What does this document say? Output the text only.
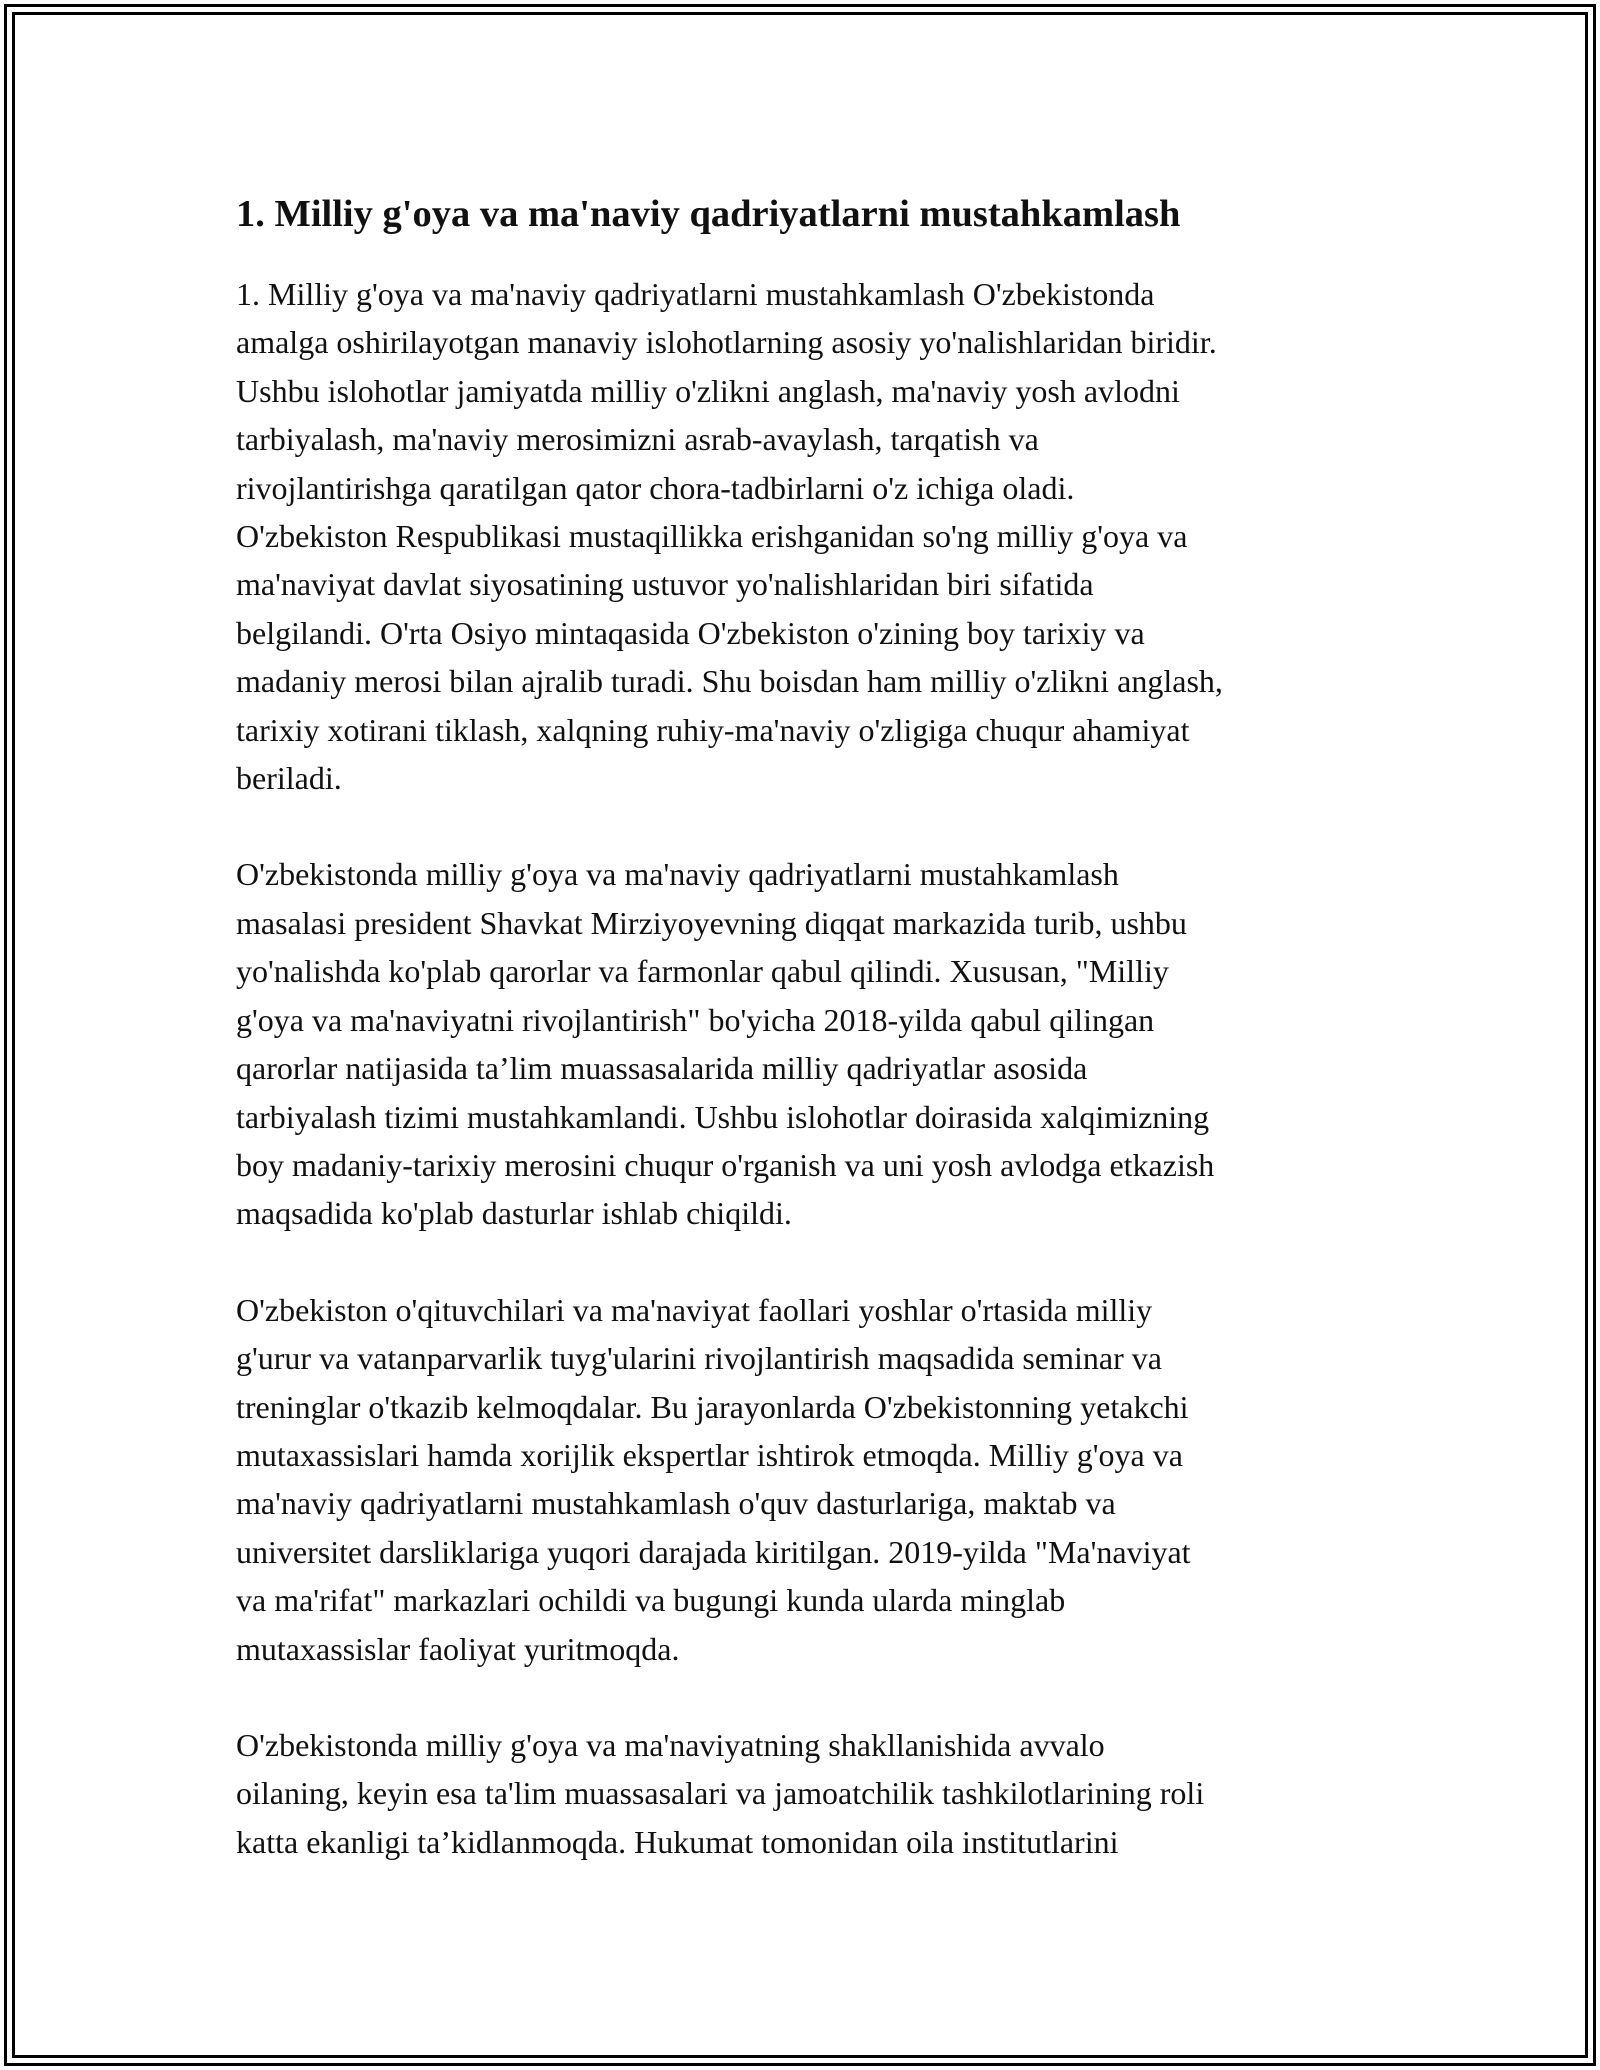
1. Milliy g'oya va ma'naviy qadriyatlarni mustahkamlash

1. Milliy g'oya va ma'naviy qadriyatlarni mustahkamlash O'zbekistonda
amalga oshirilayotgan manaviy islohotlarning asosiy yo'nalishlaridan biridir.
Ushbu islohotlar jamiyatda milliy o'zlikni anglash, ma'naviy yosh avlodni
tarbiyalash, ma'naviy merosimizni asrab-avaylash, tarqatish va
rivojlantirishga qaratilgan qator chora-tadbirlarni o'z ichiga oladi.
O'zbekiston Respublikasi mustaqillikka erishganidan so'ng milliy g'oya va
ma'naviyat davlat siyosatining ustuvor yo'nalishlaridan biri sifatida
belgilandi. O'rta Osiyo mintaqasida O'zbekiston o'zining boy tarixiy va
madaniy merosi bilan ajralib turadi. Shu boisdan ham milliy o'zlikni anglash,
tarixiy xotirani tiklash, xalqning ruhiy-ma'naviy o'zligiga chuqur ahamiyat
beriladi.

O'zbekistonda milliy g'oya va ma'naviy qadriyatlarni mustahkamlash
masalasi president Shavkat Mirziyoyevning diqqat markazida turib, ushbu
yo'nalishda ko'plab qarorlar va farmonlar qabul qilindi. Xususan, "Milliy
g'oya va ma'naviyatni rivojlantirish" bo'yicha 2018-yilda qabul qilingan
qarorlar natijasida ta’lim muassasalarida milliy qadriyatlar asosida
tarbiyalash tizimi mustahkamlandi. Ushbu islohotlar doirasida xalqimizning
boy madaniy-tarixiy merosini chuqur o'rganish va uni yosh avlodga etkazish
maqsadida ko'plab dasturlar ishlab chiqildi.

O'zbekiston o'qituvchilari va ma'naviyat faollari yoshlar o'rtasida milliy
g'urur va vatanparvarlik tuyg'ularini rivojlantirish maqsadida seminar va
treninglar o'tkazib kelmoqdalar. Bu jarayonlarda O'zbekistonning yetakchi
mutaxassislari hamda xorijlik ekspertlar ishtirok etmoqda. Milliy g'oya va
ma'naviy qadriyatlarni mustahkamlash o'quv dasturlariga, maktab va
universitet darsliklariga yuqori darajada kiritilgan. 2019-yilda "Ma'naviyat
va ma'rifat" markazlari ochildi va bugungi kunda ularda minglab
mutaxassislar faoliyat yuritmoqda.

O'zbekistonda milliy g'oya va ma'naviyatning shakllanishida avvalo
oilaning, keyin esa ta'lim muassasalari va jamoatchilik tashkilotlarining roli
katta ekanligi ta’kidlanmoqda. Hukumat tomonidan oila institutlarini
